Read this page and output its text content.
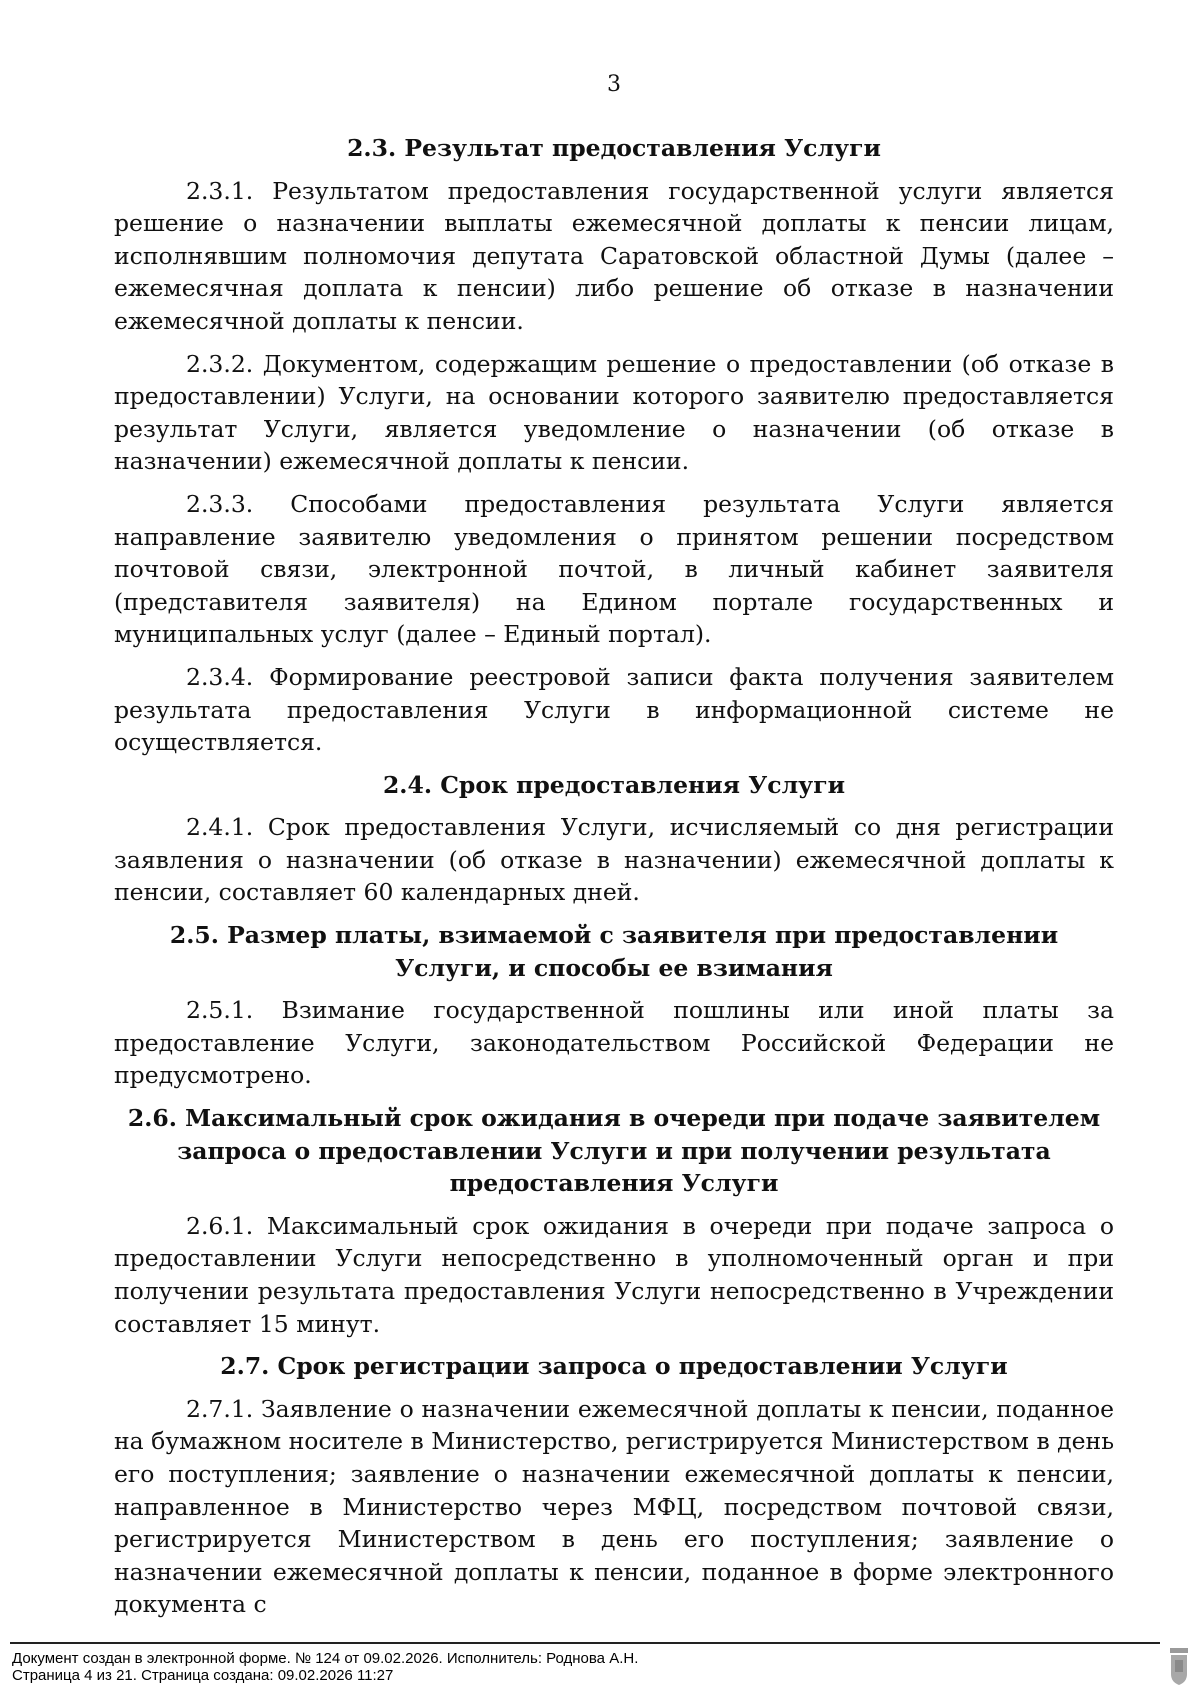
3
2.3. Результат предоставления Услуги

2.3.1. Результатом предоставления государственной услуги является решение о назначении выплаты ежемесячной доплаты к пенсии лицам, исполнявшим полномочия депутата Саратовской областной Думы (далее – ежемесячная доплата к пенсии) либо решение об отказе в назначении ежемесячной доплаты к пенсии.

2.3.2. Документом, содержащим решение о предоставлении (об отказе в предоставлении) Услуги, на основании которого заявителю предоставляется результат Услуги, является уведомление о назначении (об отказе в назначении) ежемесячной доплаты к пенсии.

2.3.3. Способами предоставления результата Услуги является направление заявителю уведомления о принятом решении посредством почтовой связи, электронной почтой, в личный кабинет заявителя (представителя заявителя) на Едином портале государственных и муниципальных услуг (далее – Единый портал).

2.3.4. Формирование реестровой записи факта получения заявителем результата предоставления Услуги в информационной системе не осуществляется.

2.4. Срок предоставления Услуги

2.4.1. Срок предоставления Услуги, исчисляемый со дня регистрации заявления о назначении (об отказе в назначении) ежемесячной доплаты к пенсии, составляет 60 календарных дней.

2.5. Размер платы, взимаемой с заявителя при предоставлении Услуги, и способы ее взимания

2.5.1. Взимание государственной пошлины или иной платы за предоставление Услуги, законодательством Российской Федерации не предусмотрено.

2.6. Максимальный срок ожидания в очереди при подаче заявителем запроса о предоставлении Услуги и при получении результата предоставления Услуги

2.6.1. Максимальный срок ожидания в очереди при подаче запроса о предоставлении Услуги непосредственно в уполномоченный орган и при получении результата предоставления Услуги непосредственно в Учреждении составляет 15 минут.

2.7. Срок регистрации запроса о предоставлении Услуги

2.7.1. Заявление о назначении ежемесячной доплаты к пенсии, поданное на бумажном носителе в Министерство, регистрируется Министерством в день его поступления; заявление о назначении ежемесячной доплаты к пенсии, направленное в Министерство через МФЦ, посредством почтовой связи, регистрируется Министерством в день его поступления; заявление о назначении ежемесячной доплаты к пенсии, поданное в форме электронного документа с

Документ создан в электронной форме. № 124 от 09.02.2026. Исполнитель: Роднова А.Н.
Страница 4 из 21. Страница создана: 09.02.2026 11:27
